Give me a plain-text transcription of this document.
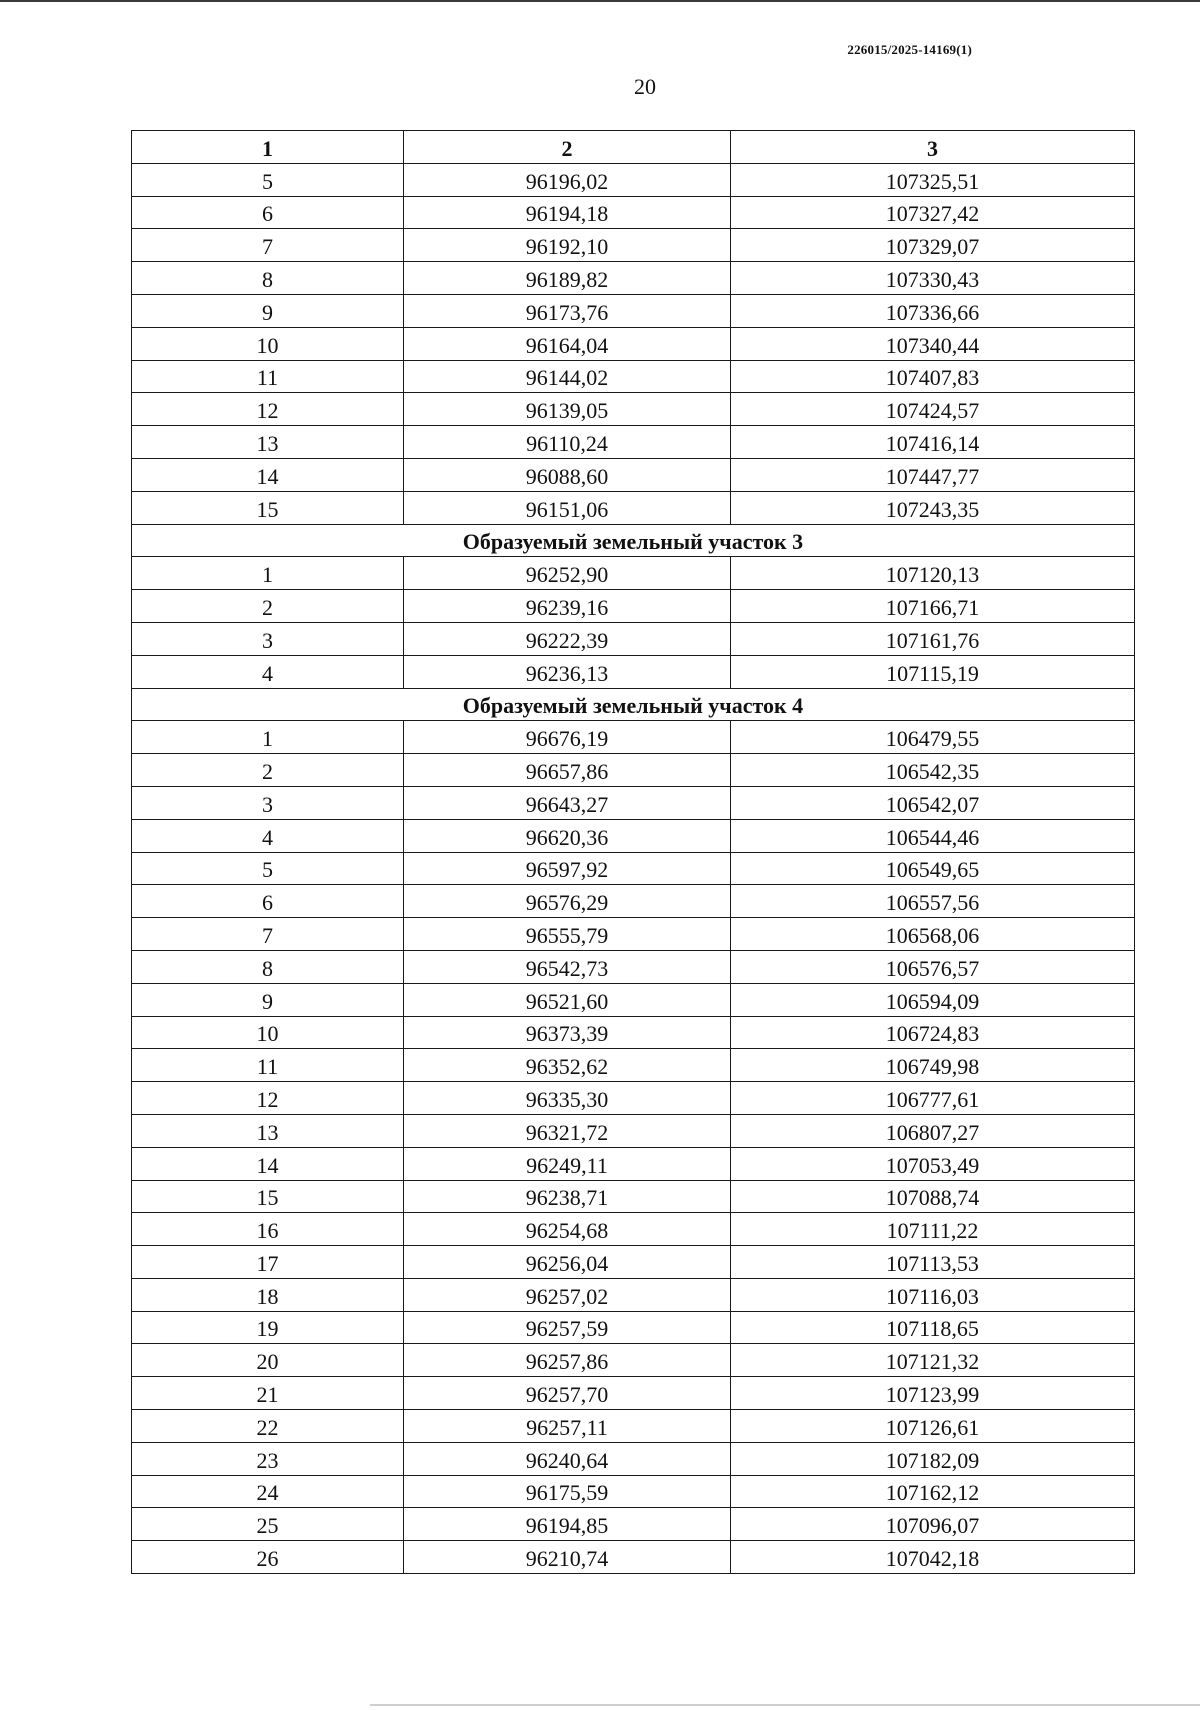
226015/2025-14169(1)
20
1	2	3
5	96196,02	107325,51
6	96194,18	107327,42
7	96192,10	107329,07
8	96189,82	107330,43
9	96173,76	107336,66
10	96164,04	107340,44
11	96144,02	107407,83
12	96139,05	107424,57
13	96110,24	107416,14
14	96088,60	107447,77
15	96151,06	107243,35
Образуемый земельный участок 3		
1	96252,90	107120,13
2	96239,16	107166,71
3	96222,39	107161,76
4	96236,13	107115,19
Образуемый земельный участок 4		
1	96676,19	106479,55
2	96657,86	106542,35
3	96643,27	106542,07
4	96620,36	106544,46
5	96597,92	106549,65
6	96576,29	106557,56
7	96555,79	106568,06
8	96542,73	106576,57
9	96521,60	106594,09
10	96373,39	106724,83
11	96352,62	106749,98
12	96335,30	106777,61
13	96321,72	106807,27
14	96249,11	107053,49
15	96238,71	107088,74
16	96254,68	107111,22
17	96256,04	107113,53
18	96257,02	107116,03
19	96257,59	107118,65
20	96257,86	107121,32
21	96257,70	107123,99
22	96257,11	107126,61
23	96240,64	107182,09
24	96175,59	107162,12
25	96194,85	107096,07
26	96210,74	107042,18
